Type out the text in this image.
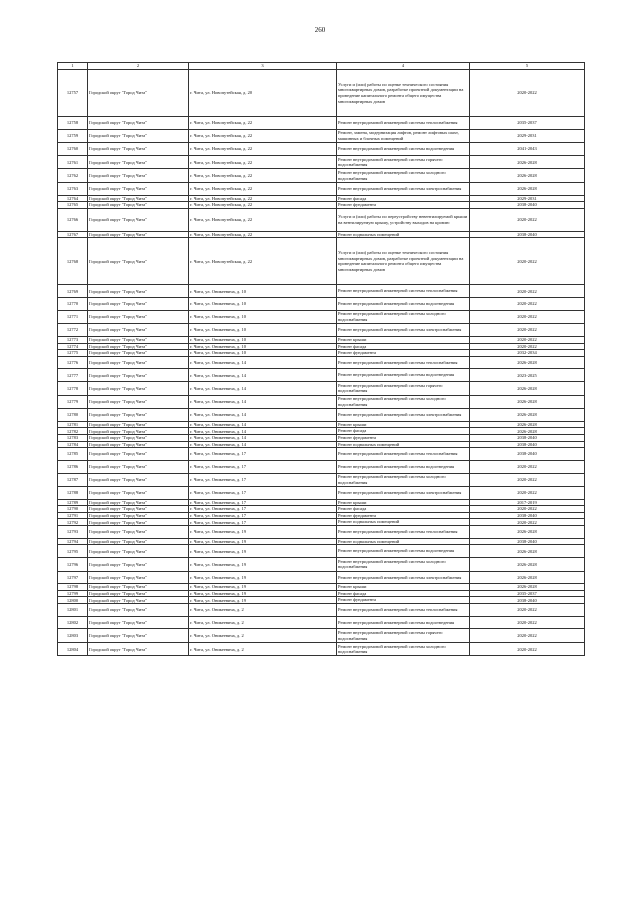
260
1	2	3	4	5
12757	Городской округ "Город Чита"	г. Чита, ул. Новопутейская, д. 20	Услуги и (или) работы по оценке технического состояния многоквартирных домов, разработке проектной документации на проведение капитального ремонта общего имущества многоквартирных домов	2020-2022
12758	Городской округ "Город Чита"	г. Чита, ул. Новопутейская, д. 22	Ремонт внутридомовой инженерной системы теплоснабжения	2035-2037
12759	Городской округ "Город Чита"	г. Чита, ул. Новопутейская, д. 22	Ремонт, замена, модернизация лифтов, ремонт лифтовых шахт, машинных и блочных помещений	2029-2031
12760	Городской округ "Город Чита"	г. Чита, ул. Новопутейская, д. 22	Ремонт внутридомовой инженерной системы водоотведения	2041-2043
12761	Городской округ "Город Чита"	г. Чита, ул. Новопутейская, д. 22	Ремонт внутридомовой инженерной системы горячего водоснабжения	2026-2028
12762	Городской округ "Город Чита"	г. Чита, ул. Новопутейская, д. 22	Ремонт внутридомовой инженерной системы холодного водоснабжения	2026-2028
12763	Городской округ "Город Чита"	г. Чита, ул. Новопутейская, д. 22	Ремонт внутридомовой инженерной системы электроснабжения	2026-2028
12764	Городской округ "Город Чита"	г. Чита, ул. Новопутейская, д. 22	Ремонт фасада	2029-2031
12765	Городской округ "Город Чита"	г. Чита, ул. Новопутейская, д. 22	Ремонт фундамента	2038-2040
12766	Городской округ "Город Чита"	г. Чита, ул. Новопутейская, д. 22	Услуги и (или) работы по переустройству невентилируемой крыши на вентилируемую крышу, устройству выходов на кровлю	2020-2022
12767	Городской округ "Город Чита"	г. Чита, ул. Новопутейская, д. 22	Ремонт подвальных помещений	2038-2040
12768	Городской округ "Город Чита"	г. Чита, ул. Новопутейская, д. 22	Услуги и (или) работы по оценке технического состояния многоквартирных домов, разработке проектной документации на проведение капитального ремонта общего имущества многоквартирных домов	2020-2022
12769	Городской округ "Город Чита"	г. Чита, ул. Оникеевича, д. 10	Ремонт внутридомовой инженерной системы теплоснабжения	2020-2022
12770	Городской округ "Город Чита"	г. Чита, ул. Оникеевича, д. 10	Ремонт внутридомовой инженерной системы водоотведения	2020-2022
12771	Городской округ "Город Чита"	г. Чита, ул. Оникеевича, д. 10	Ремонт внутридомовой инженерной системы холодного водоснабжения	2020-2022
12772	Городской округ "Город Чита"	г. Чита, ул. Оникеевича, д. 10	Ремонт внутридомовой инженерной системы электроснабжения	2020-2022
12773	Городской округ "Город Чита"	г. Чита, ул. Оникеевича, д. 10	Ремонт крыши	2020-2022
12774	Городской округ "Город Чита"	г. Чита, ул. Оникеевича, д. 10	Ремонт фасада	2020-2022
12775	Городской округ "Город Чита"	г. Чита, ул. Оникеевича, д. 10	Ремонт фундамента	2032-2034
12776	Городской округ "Город Чита"	г. Чита, ул. Оникеевича, д. 14	Ремонт внутридомовой инженерной системы теплоснабжения	2026-2028
12777	Городской округ "Город Чита"	г. Чита, ул. Оникеевича, д. 14	Ремонт внутридомовой инженерной системы водоотведения	2023-2025
12778	Городской округ "Город Чита"	г. Чита, ул. Оникеевича, д. 14	Ремонт внутридомовой инженерной системы горячего водоснабжения	2026-2028
12779	Городской округ "Город Чита"	г. Чита, ул. Оникеевича, д. 14	Ремонт внутридомовой инженерной системы холодного водоснабжения	2026-2028
12780	Городской округ "Город Чита"	г. Чита, ул. Оникеевича, д. 14	Ремонт внутридомовой инженерной системы электроснабжения	2026-2028
12781	Городской округ "Город Чита"	г. Чита, ул. Оникеевича, д. 14	Ремонт крыши	2026-2028
12782	Городской округ "Город Чита"	г. Чита, ул. Оникеевича, д. 14	Ремонт фасада	2026-2028
12783	Городской округ "Город Чита"	г. Чита, ул. Оникеевича, д. 14	Ремонт фундамента	2038-2040
12784	Городской округ "Город Чита"	г. Чита, ул. Оникеевича, д. 14	Ремонт подвальных помещений	2038-2040
12785	Городской округ "Город Чита"	г. Чита, ул. Оникеевича, д. 17	Ремонт внутридомовой инженерной системы теплоснабжения	2038-2040
12786	Городской округ "Город Чита"	г. Чита, ул. Оникеевича, д. 17	Ремонт внутридомовой инженерной системы водоотведения	2020-2022
12787	Городской округ "Город Чита"	г. Чита, ул. Оникеевича, д. 17	Ремонт внутридомовой инженерной системы холодного водоснабжения	2020-2022
12788	Городской округ "Город Чита"	г. Чита, ул. Оникеевича, д. 17	Ремонт внутридомовой инженерной системы электроснабжения	2020-2022
12789	Городской округ "Город Чита"	г. Чита, ул. Оникеевича, д. 17	Ремонт крыши	2017-2019
12790	Городской округ "Город Чита"	г. Чита, ул. Оникеевича, д. 17	Ремонт фасада	2020-2022
12791	Городской округ "Город Чита"	г. Чита, ул. Оникеевича, д. 17	Ремонт фундамента	2038-2040
12792	Городской округ "Город Чита"	г. Чита, ул. Оникеевича, д. 17	Ремонт подвальных помещений	2020-2022
12793	Городской округ "Город Чита"	г. Чита, ул. Оникеевича, д. 19	Ремонт внутридомовой инженерной системы теплоснабжения	2026-2028
12794	Городской округ "Город Чита"	г. Чита, ул. Оникеевича, д. 19	Ремонт подвальных помещений	2038-2040
12795	Городской округ "Город Чита"	г. Чита, ул. Оникеевича, д. 19	Ремонт внутридомовой инженерной системы водоотведения	2026-2028
12796	Городской округ "Город Чита"	г. Чита, ул. Оникеевича, д. 19	Ремонт внутридомовой инженерной системы холодного водоснабжения	2026-2028
12797	Городской округ "Город Чита"	г. Чита, ул. Оникеевича, д. 19	Ремонт внутридомовой инженерной системы электроснабжения	2026-2028
12798	Городской округ "Город Чита"	г. Чита, ул. Оникеевича, д. 19	Ремонт крыши	2026-2028
12799	Городской округ "Город Чита"	г. Чита, ул. Оникеевича, д. 19	Ремонт фасада	2035-2037
12800	Городской округ "Город Чита"	г. Чита, ул. Оникеевича, д. 19	Ремонт фундамента	2038-2040
12801	Городской округ "Город Чита"	г. Чита, ул. Оникеевича, д. 2	Ремонт внутридомовой инженерной системы теплоснабжения	2020-2022
12802	Городской округ "Город Чита"	г. Чита, ул. Оникеевича, д. 2	Ремонт внутридомовой инженерной системы водоотведения	2020-2022
12803	Городской округ "Город Чита"	г. Чита, ул. Оникеевича, д. 2	Ремонт внутридомовой инженерной системы горячего водоснабжения	2020-2022
12804	Городской округ "Город Чита"	г. Чита, ул. Оникеевича, д. 2	Ремонт внутридомовой инженерной системы холодного водоснабжения	2020-2022
